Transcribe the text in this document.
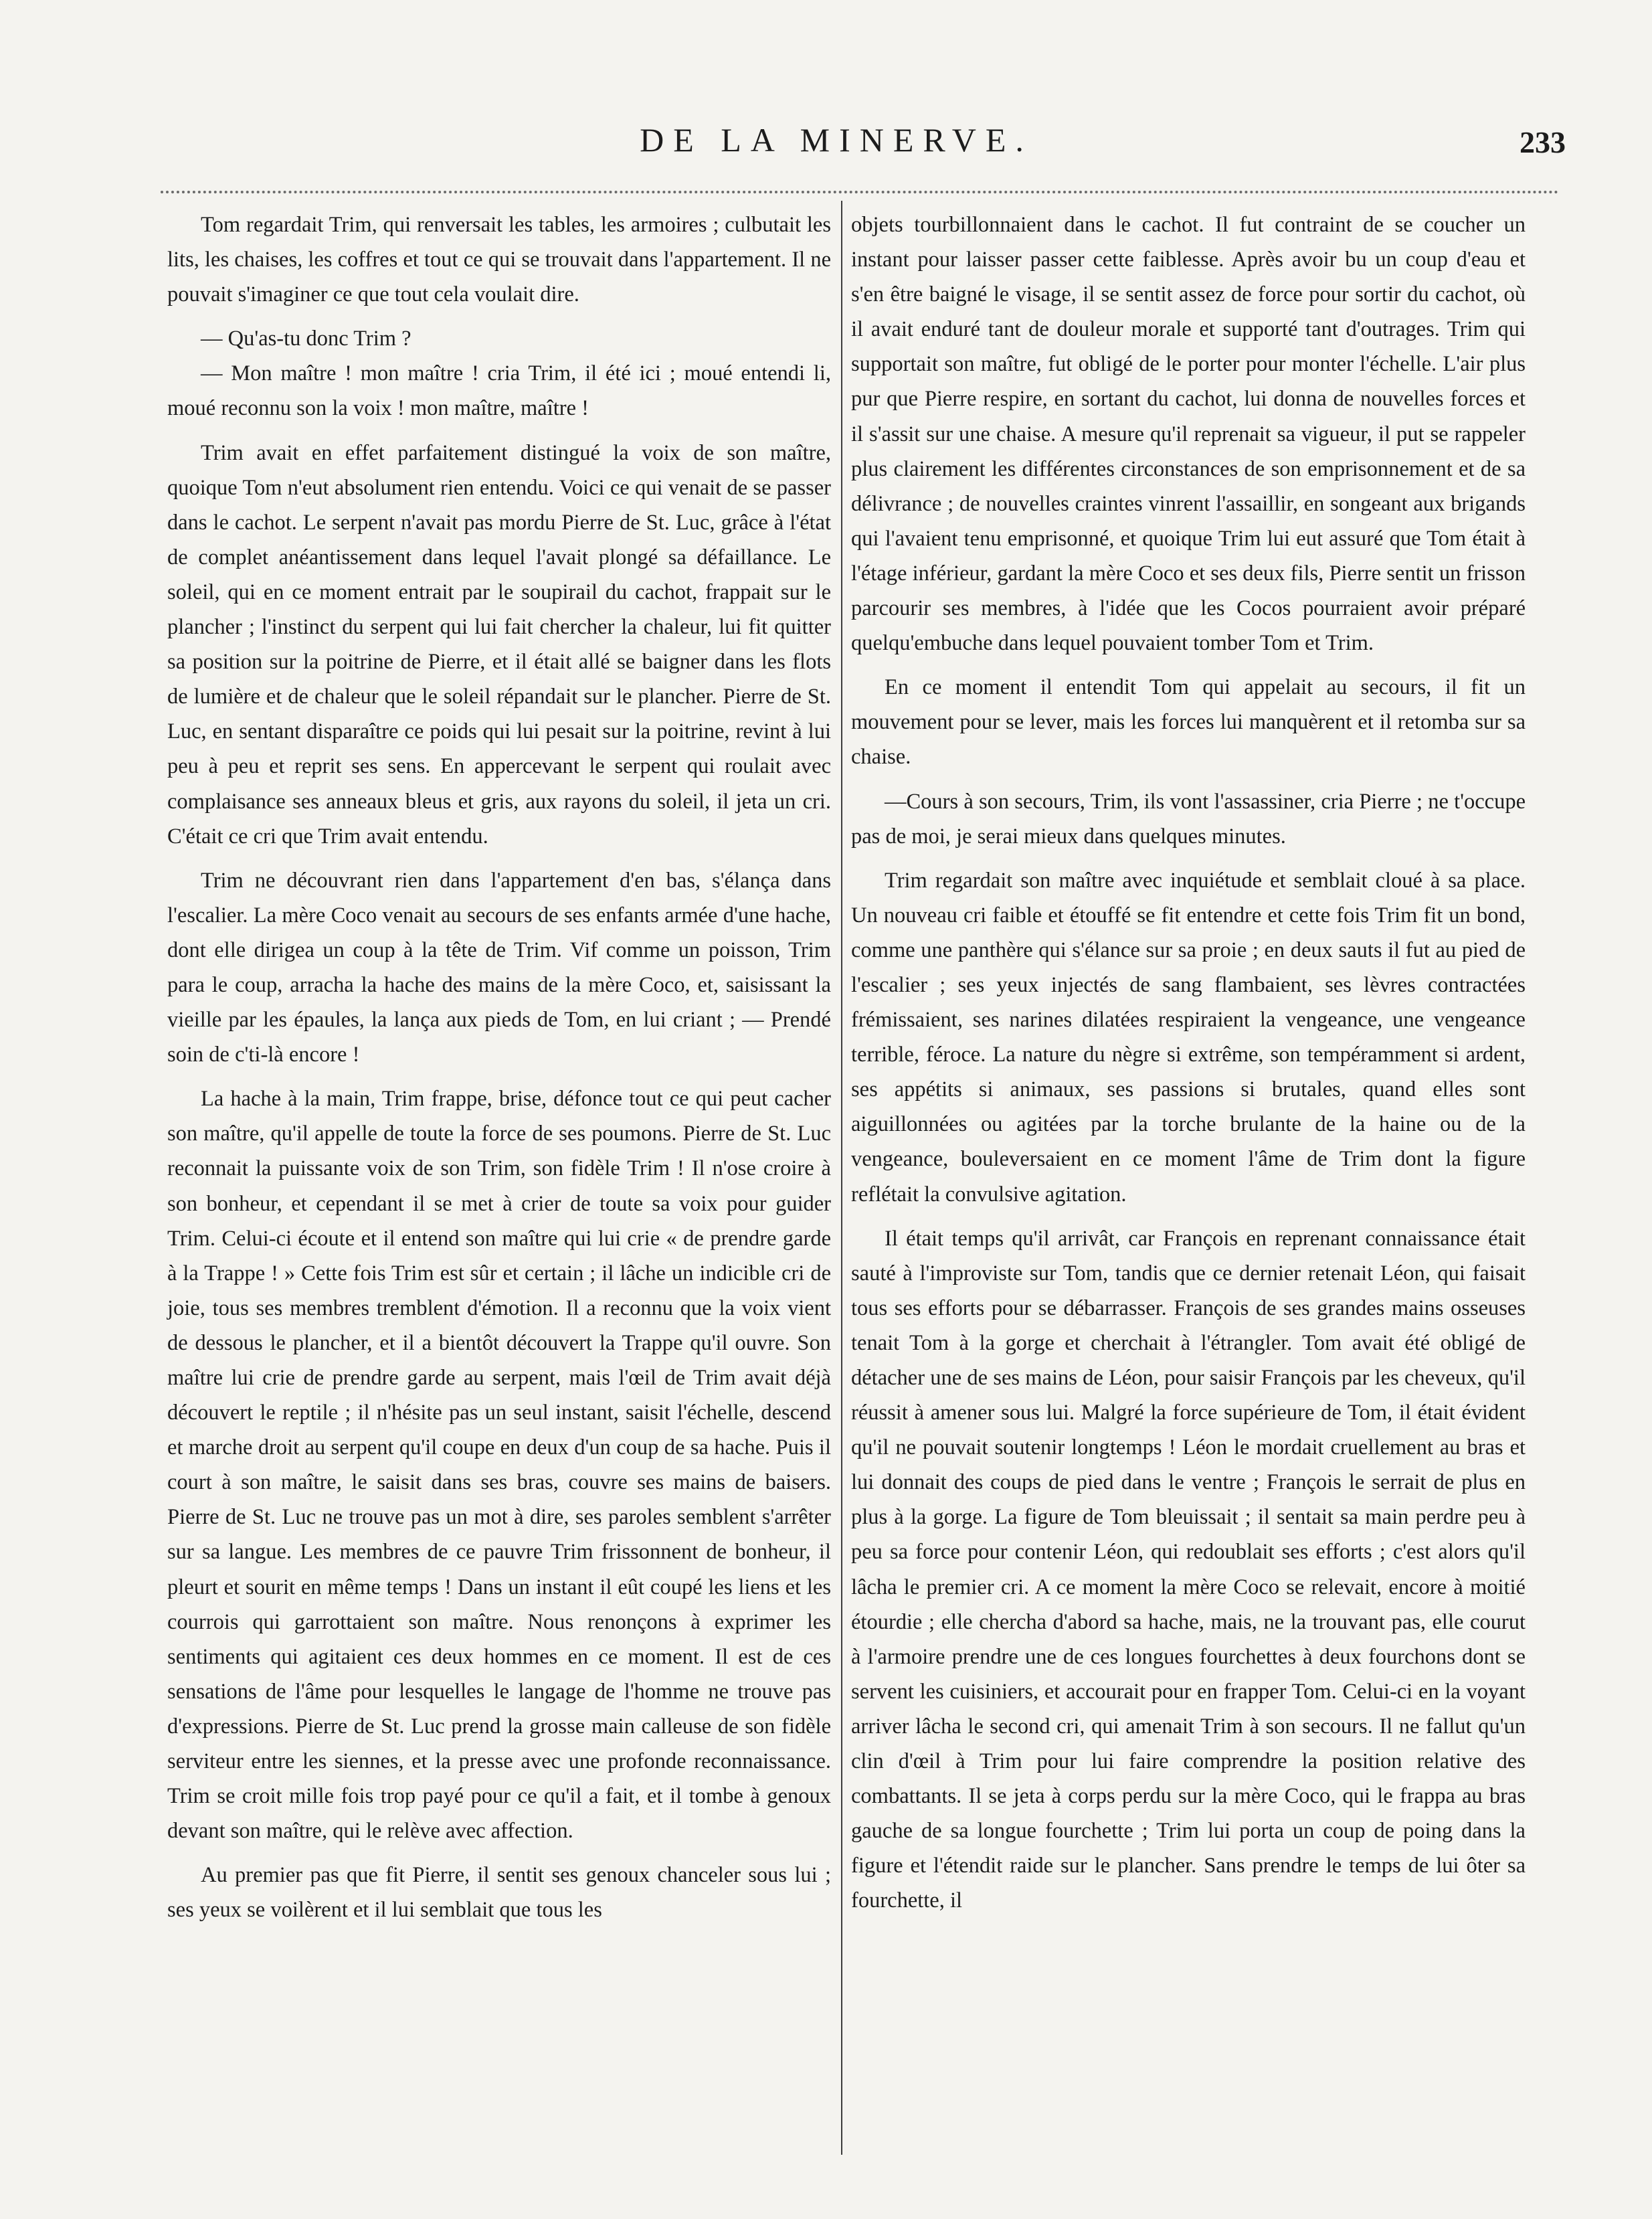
DE LA MINERVE.	233

Tom regardait Trim, qui renversait les tables, les armoires ; culbutait les lits, les chaises, les coffres et tout ce qui se trouvait dans l'appartement. Il ne pouvait s'imaginer ce que tout cela voulait dire.

— Qu'as-tu donc Trim ?

— Mon maître ! mon maître ! cria Trim, il été ici ; moué entendi li, moué reconnu son la voix ! mon maître, maître !

Trim avait en effet parfaitement distingué la voix de son maître, quoique Tom n'eut absolument rien entendu. Voici ce qui venait de se passer dans le cachot. Le serpent n'avait pas mordu Pierre de St. Luc, grâce à l'état de complet anéantissement dans lequel l'avait plongé sa défaillance. Le soleil, qui en ce moment entrait par le soupirail du cachot, frappait sur le plancher ; l'instinct du serpent qui lui fait chercher la chaleur, lui fit quitter sa position sur la poitrine de Pierre, et il était allé se baigner dans les flots de lumière et de chaleur que le soleil répandait sur le plancher. Pierre de St. Luc, en sentant disparaître ce poids qui lui pesait sur la poitrine, revint à lui peu à peu et reprit ses sens. En appercevant le serpent qui roulait avec complaisance ses anneaux bleus et gris, aux rayons du soleil, il jeta un cri. C'était ce cri que Trim avait entendu.

Trim ne découvrant rien dans l'appartement d'en bas, s'élança dans l'escalier. La mère Coco venait au secours de ses enfants armée d'une hache, dont elle dirigea un coup à la tête de Trim. Vif comme un poisson, Trim para le coup, arracha la hache des mains de la mère Coco, et, saisissant la vieille par les épaules, la lança aux pieds de Tom, en lui criant ; — Prendé soin de c'ti-là encore !

La hache à la main, Trim frappe, brise, défonce tout ce qui peut cacher son maître, qu'il appelle de toute la force de ses poumons. Pierre de St. Luc reconnait la puissante voix de son Trim, son fidèle Trim ! Il n'ose croire à son bonheur, et cependant il se met à crier de toute sa voix pour guider Trim. Celui-ci écoute et il entend son maître qui lui crie « de prendre garde à la Trappe ! » Cette fois Trim est sûr et certain ; il lâche un indicible cri de joie, tous ses membres tremblent d'émotion. Il a reconnu que la voix vient de dessous le plancher, et il a bientôt découvert la Trappe qu'il ouvre. Son maître lui crie de prendre garde au serpent, mais l'œil de Trim avait déjà découvert le reptile ; il n'hésite pas un seul instant, saisit l'échelle, descend et marche droit au serpent qu'il coupe en deux d'un coup de sa hache. Puis il court à son maître, le saisit dans ses bras, couvre ses mains de baisers. Pierre de St. Luc ne trouve pas un mot à dire, ses paroles semblent s'arrêter sur sa langue. Les membres de ce pauvre Trim frissonnent de bonheur, il pleurt et sourit en même temps ! Dans un instant il eût coupé les liens et les courrois qui garrottaient son maître. Nous renonçons à exprimer les sentiments qui agitaient ces deux hommes en ce moment. Il est de ces sensations de l'âme pour lesquelles le langage de l'homme ne trouve pas d'expressions. Pierre de St. Luc prend la grosse main calleuse de son fidèle serviteur entre les siennes, et la presse avec une profonde reconnaissance. Trim se croit mille fois trop payé pour ce qu'il a fait, et il tombe à genoux devant son maître, qui le relève avec affection.

Au premier pas que fit Pierre, il sentit ses genoux chanceler sous lui ; ses yeux se voilèrent et il lui semblait que tous les

objets tourbillonnaient dans le cachot. Il fut contraint de se coucher un instant pour laisser passer cette faiblesse. Après avoir bu un coup d'eau et s'en être baigné le visage, il se sentit assez de force pour sortir du cachot, où il avait enduré tant de douleur morale et supporté tant d'outrages. Trim qui supportait son maître, fut obligé de le porter pour monter l'échelle. L'air plus pur que Pierre respire, en sortant du cachot, lui donna de nouvelles forces et il s'assit sur une chaise. A mesure qu'il reprenait sa vigueur, il put se rappeler plus clairement les différentes circonstances de son emprisonnement et de sa délivrance ; de nouvelles craintes vinrent l'assaillir, en songeant aux brigands qui l'avaient tenu emprisonné, et quoique Trim lui eut assuré que Tom était à l'étage inférieur, gardant la mère Coco et ses deux fils, Pierre sentit un frisson parcourir ses membres, à l'idée que les Cocos pourraient avoir préparé quelqu'embuche dans lequel pouvaient tomber Tom et Trim.

En ce moment il entendit Tom qui appelait au secours, il fit un mouvement pour se lever, mais les forces lui manquèrent et il retomba sur sa chaise.

—Cours à son secours, Trim, ils vont l'assassiner, cria Pierre ; ne t'occupe pas de moi, je serai mieux dans quelques minutes.

Trim regardait son maître avec inquiétude et semblait cloué à sa place. Un nouveau cri faible et étouffé se fit entendre et cette fois Trim fit un bond, comme une panthère qui s'élance sur sa proie ; en deux sauts il fut au pied de l'escalier ; ses yeux injectés de sang flambaient, ses lèvres contractées frémissaient, ses narines dilatées respiraient la vengeance, une vengeance terrible, féroce. La nature du nègre si extrême, son tempéramment si ardent, ses appétits si animaux, ses passions si brutales, quand elles sont aiguillonnées ou agitées par la torche brulante de la haine ou de la vengeance, bouleversaient en ce moment l'âme de Trim dont la figure reflétait la convulsive agitation.

Il était temps qu'il arrivât, car François en reprenant connaissance était sauté à l'improviste sur Tom, tandis que ce dernier retenait Léon, qui faisait tous ses efforts pour se débarrasser. François de ses grandes mains osseuses tenait Tom à la gorge et cherchait à l'étrangler. Tom avait été obligé de détacher une de ses mains de Léon, pour saisir François par les cheveux, qu'il réussit à amener sous lui. Malgré la force supérieure de Tom, il était évident qu'il ne pouvait soutenir longtemps ! Léon le mordait cruellement au bras et lui donnait des coups de pied dans le ventre ; François le serrait de plus en plus à la gorge. La figure de Tom bleuissait ; il sentait sa main perdre peu à peu sa force pour contenir Léon, qui redoublait ses efforts ; c'est alors qu'il lâcha le premier cri. A ce moment la mère Coco se relevait, encore à moitié étourdie ; elle chercha d'abord sa hache, mais, ne la trouvant pas, elle courut à l'armoire prendre une de ces longues fourchettes à deux fourchons dont se servent les cuisiniers, et accourait pour en frapper Tom. Celui-ci en la voyant arriver lâcha le second cri, qui amenait Trim à son secours. Il ne fallut qu'un clin d'œil à Trim pour lui faire comprendre la position relative des combattants. Il se jeta à corps perdu sur la mère Coco, qui le frappa au bras gauche de sa longue fourchette ; Trim lui porta un coup de poing dans la figure et l'étendit raide sur le plancher. Sans prendre le temps de lui ôter sa fourchette, il
